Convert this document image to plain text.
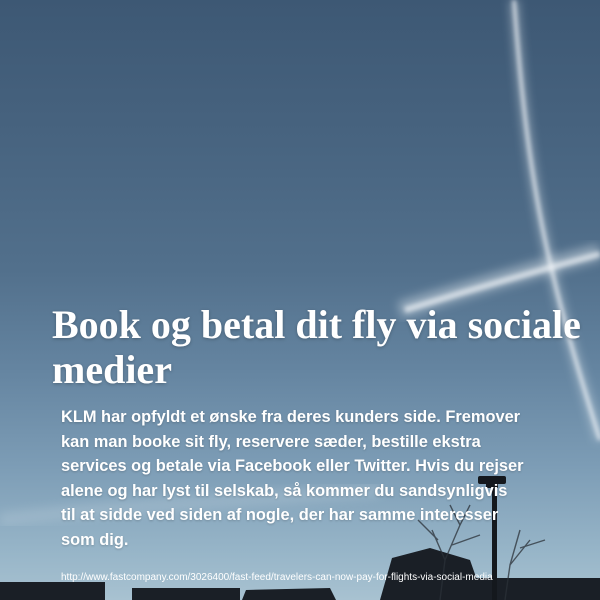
Book og betal dit fly via sociale medier

KLM har opfyldt et ønske fra deres kunders side. Fremover kan man booke sit fly, reservere sæder, bestille ekstra services og betale via Facebook eller Twitter. Hvis du rejser alene og har lyst til selskab, så kommer du sandsynligvis til at sidde ved siden af nogle, der har samme interesser som dig.

http://www.fastcompany.com/3026400/fast-feed/travelers-can-now-pay-for-flights-via-social-media
